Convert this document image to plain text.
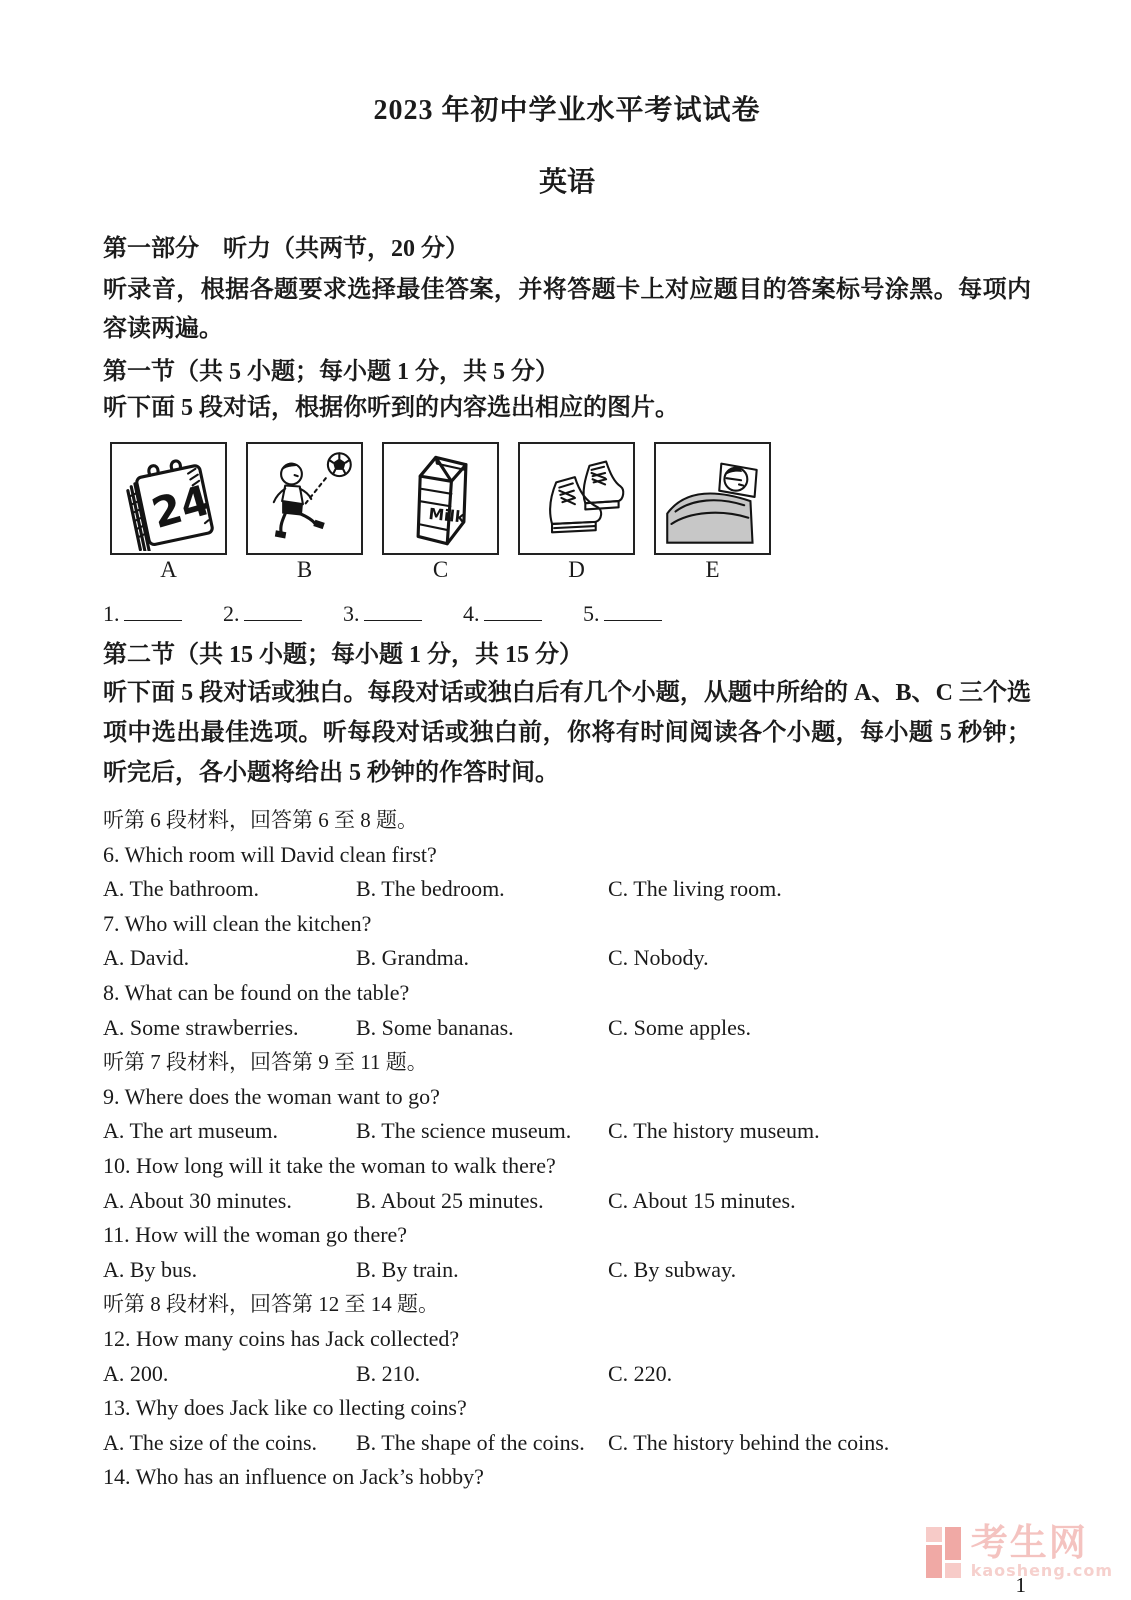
2023 年初中学业水平考试试卷
英语
第一部分　听力（共两节，20 分）
听录音，根据各题要求选择最佳答案，并将答题卡上对应题目的答案标号涂黑。每项内容读两遍。
第一节（共 5 小题；每小题 1 分，共 5 分）
听下面 5 段对话，根据你听到的内容选出相应的图片。
24
A	B
Milk
C	D	E
1.	2.	3.	4.	5.
第二节（共 15 小题；每小题 1 分，共 15 分）
听下面 5 段对话或独白。每段对话或独白后有几个小题，从题中所给的 A、B、C 三个选项中选出最佳选项。听每段对话或独白前，你将有时间阅读各个小题，每小题 5 秒钟；听完后，各小题将给出 5 秒钟的作答时间。
听第 6 段材料，回答第 6 至 8 题。
6. Which room will David clean first?
A. The bathroom.	B. The bedroom.	C. The living room.
7. Who will clean the kitchen?
A. David.	B. Grandma.	C. Nobody.
8. What can be found on the table?
A. Some strawberries.	B. Some bananas.	C. Some apples.
听第 7 段材料，回答第 9 至 11 题。
9. Where does the woman want to go?
A. The art museum.	B. The science museum.	C. The history museum.
10. How long will it take the woman to walk there?
A. About 30 minutes.	B. About 25 minutes.	C. About 15 minutes.
11. How will the woman go there?
A. By bus.	B. By train.	C. By subway.
听第 8 段材料，回答第 12 至 14 题。
12. How many coins has Jack collected?
A. 200.	B. 210.	C. 220.
13. Why does Jack like co llecting coins?
A. The size of the coins.	B. The shape of the coins.	C. The history behind the coins.
14. Who has an influence on Jack’s hobby?
考生网
kaosheng.com
1
